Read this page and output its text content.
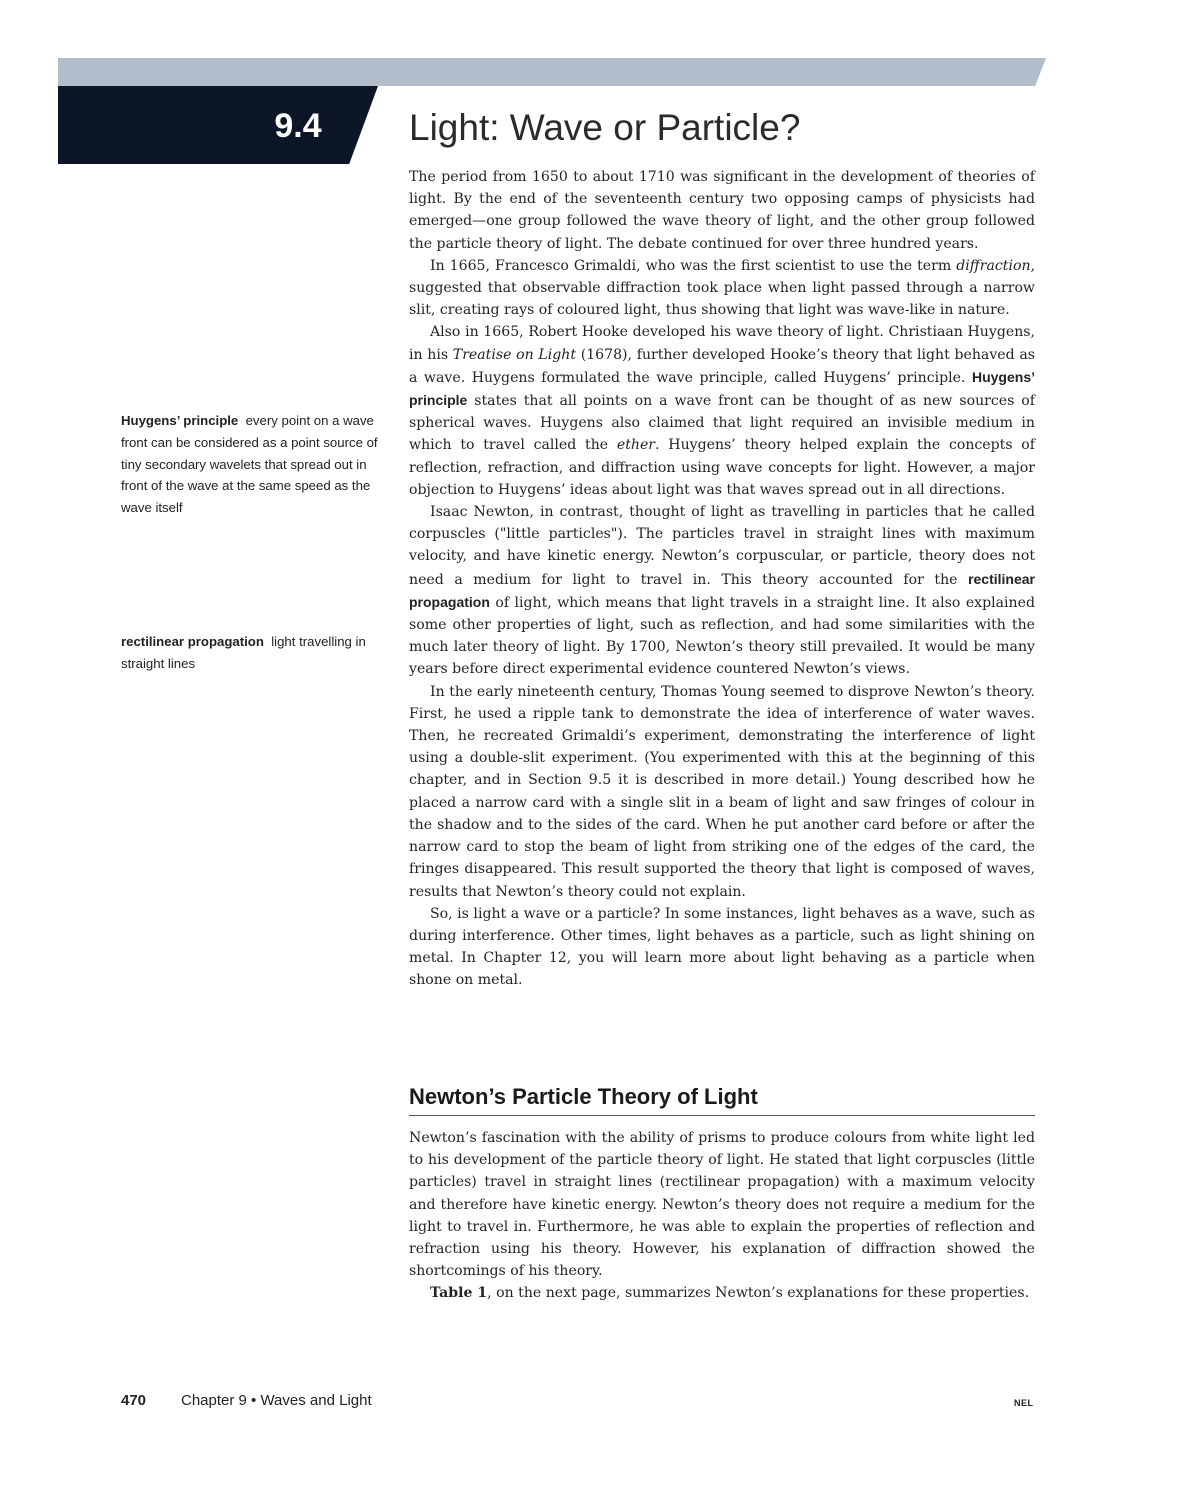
9.4	Light: Wave or Particle?
Huygens’ principle every point on a wave front can be considered as a point source of tiny secondary wavelets that spread out in front of the wave at the same speed as the wave itself
rectilinear propagation light travelling in straight lines

The period from 1650 to about 1710 was significant in the development of theories of light. By the end of the seventeenth century two opposing camps of physicists had emerged—one group followed the wave theory of light, and the other group followed the particle theory of light. The debate continued for over three hundred years.

In 1665, Francesco Grimaldi, who was the first scientist to use the term diffraction, suggested that observable diffraction took place when light passed through a narrow slit, creating rays of coloured light, thus showing that light was wave-like in nature.

Also in 1665, Robert Hooke developed his wave theory of light. Christiaan Huygens, in his Treatise on Light (1678), further developed Hooke’s theory that light behaved as a wave. Huygens formulated the wave principle, called Huygens’ principle. Huygens’ principle states that all points on a wave front can be thought of as new sources of spherical waves. Huygens also claimed that light required an invisible medium in which to travel called the ether. Huygens’ theory helped explain the concepts of reflection, refraction, and diffraction using wave concepts for light. However, a major objection to Huygens’ ideas about light was that waves spread out in all directions.

Isaac Newton, in contrast, thought of light as travelling in particles that he called corpuscles ("little particles"). The particles travel in straight lines with maximum velocity, and have kinetic energy. Newton’s corpuscular, or particle, theory does not need a medium for light to travel in. This theory accounted for the rectilinear propagation of light, which means that light travels in a straight line. It also explained some other properties of light, such as reflection, and had some similarities with the much later theory of light. By 1700, Newton’s theory still prevailed. It would be many years before direct experimental evidence countered Newton’s views.

In the early nineteenth century, Thomas Young seemed to disprove Newton’s theory. First, he used a ripple tank to demonstrate the idea of interference of water waves. Then, he recreated Grimaldi’s experiment, demonstrating the interference of light using a double-slit experiment. (You experimented with this at the beginning of this chapter, and in Section 9.5 it is described in more detail.) Young described how he placed a narrow card with a single slit in a beam of light and saw fringes of colour in the shadow and to the sides of the card. When he put another card before or after the narrow card to stop the beam of light from striking one of the edges of the card, the fringes disappeared. This result supported the theory that light is composed of waves, results that Newton’s theory could not explain.

So, is light a wave or a particle? In some instances, light behaves as a wave, such as during interference. Other times, light behaves as a particle, such as light shining on metal. In Chapter 12, you will learn more about light behaving as a particle when shone on metal.

Newton’s Particle Theory of Light

Newton’s fascination with the ability of prisms to produce colours from white light led to his development of the particle theory of light. He stated that light corpuscles (little particles) travel in straight lines (rectilinear propagation) with a maximum velocity and therefore have kinetic energy. Newton’s theory does not require a medium for the light to travel in. Furthermore, he was able to explain the properties of reflection and refraction using his theory. However, his explanation of diffraction showed the shortcomings of his theory.

Table 1, on the next page, summarizes Newton’s explanations for these properties.

470 Chapter 9 • Waves and Light	NEL
